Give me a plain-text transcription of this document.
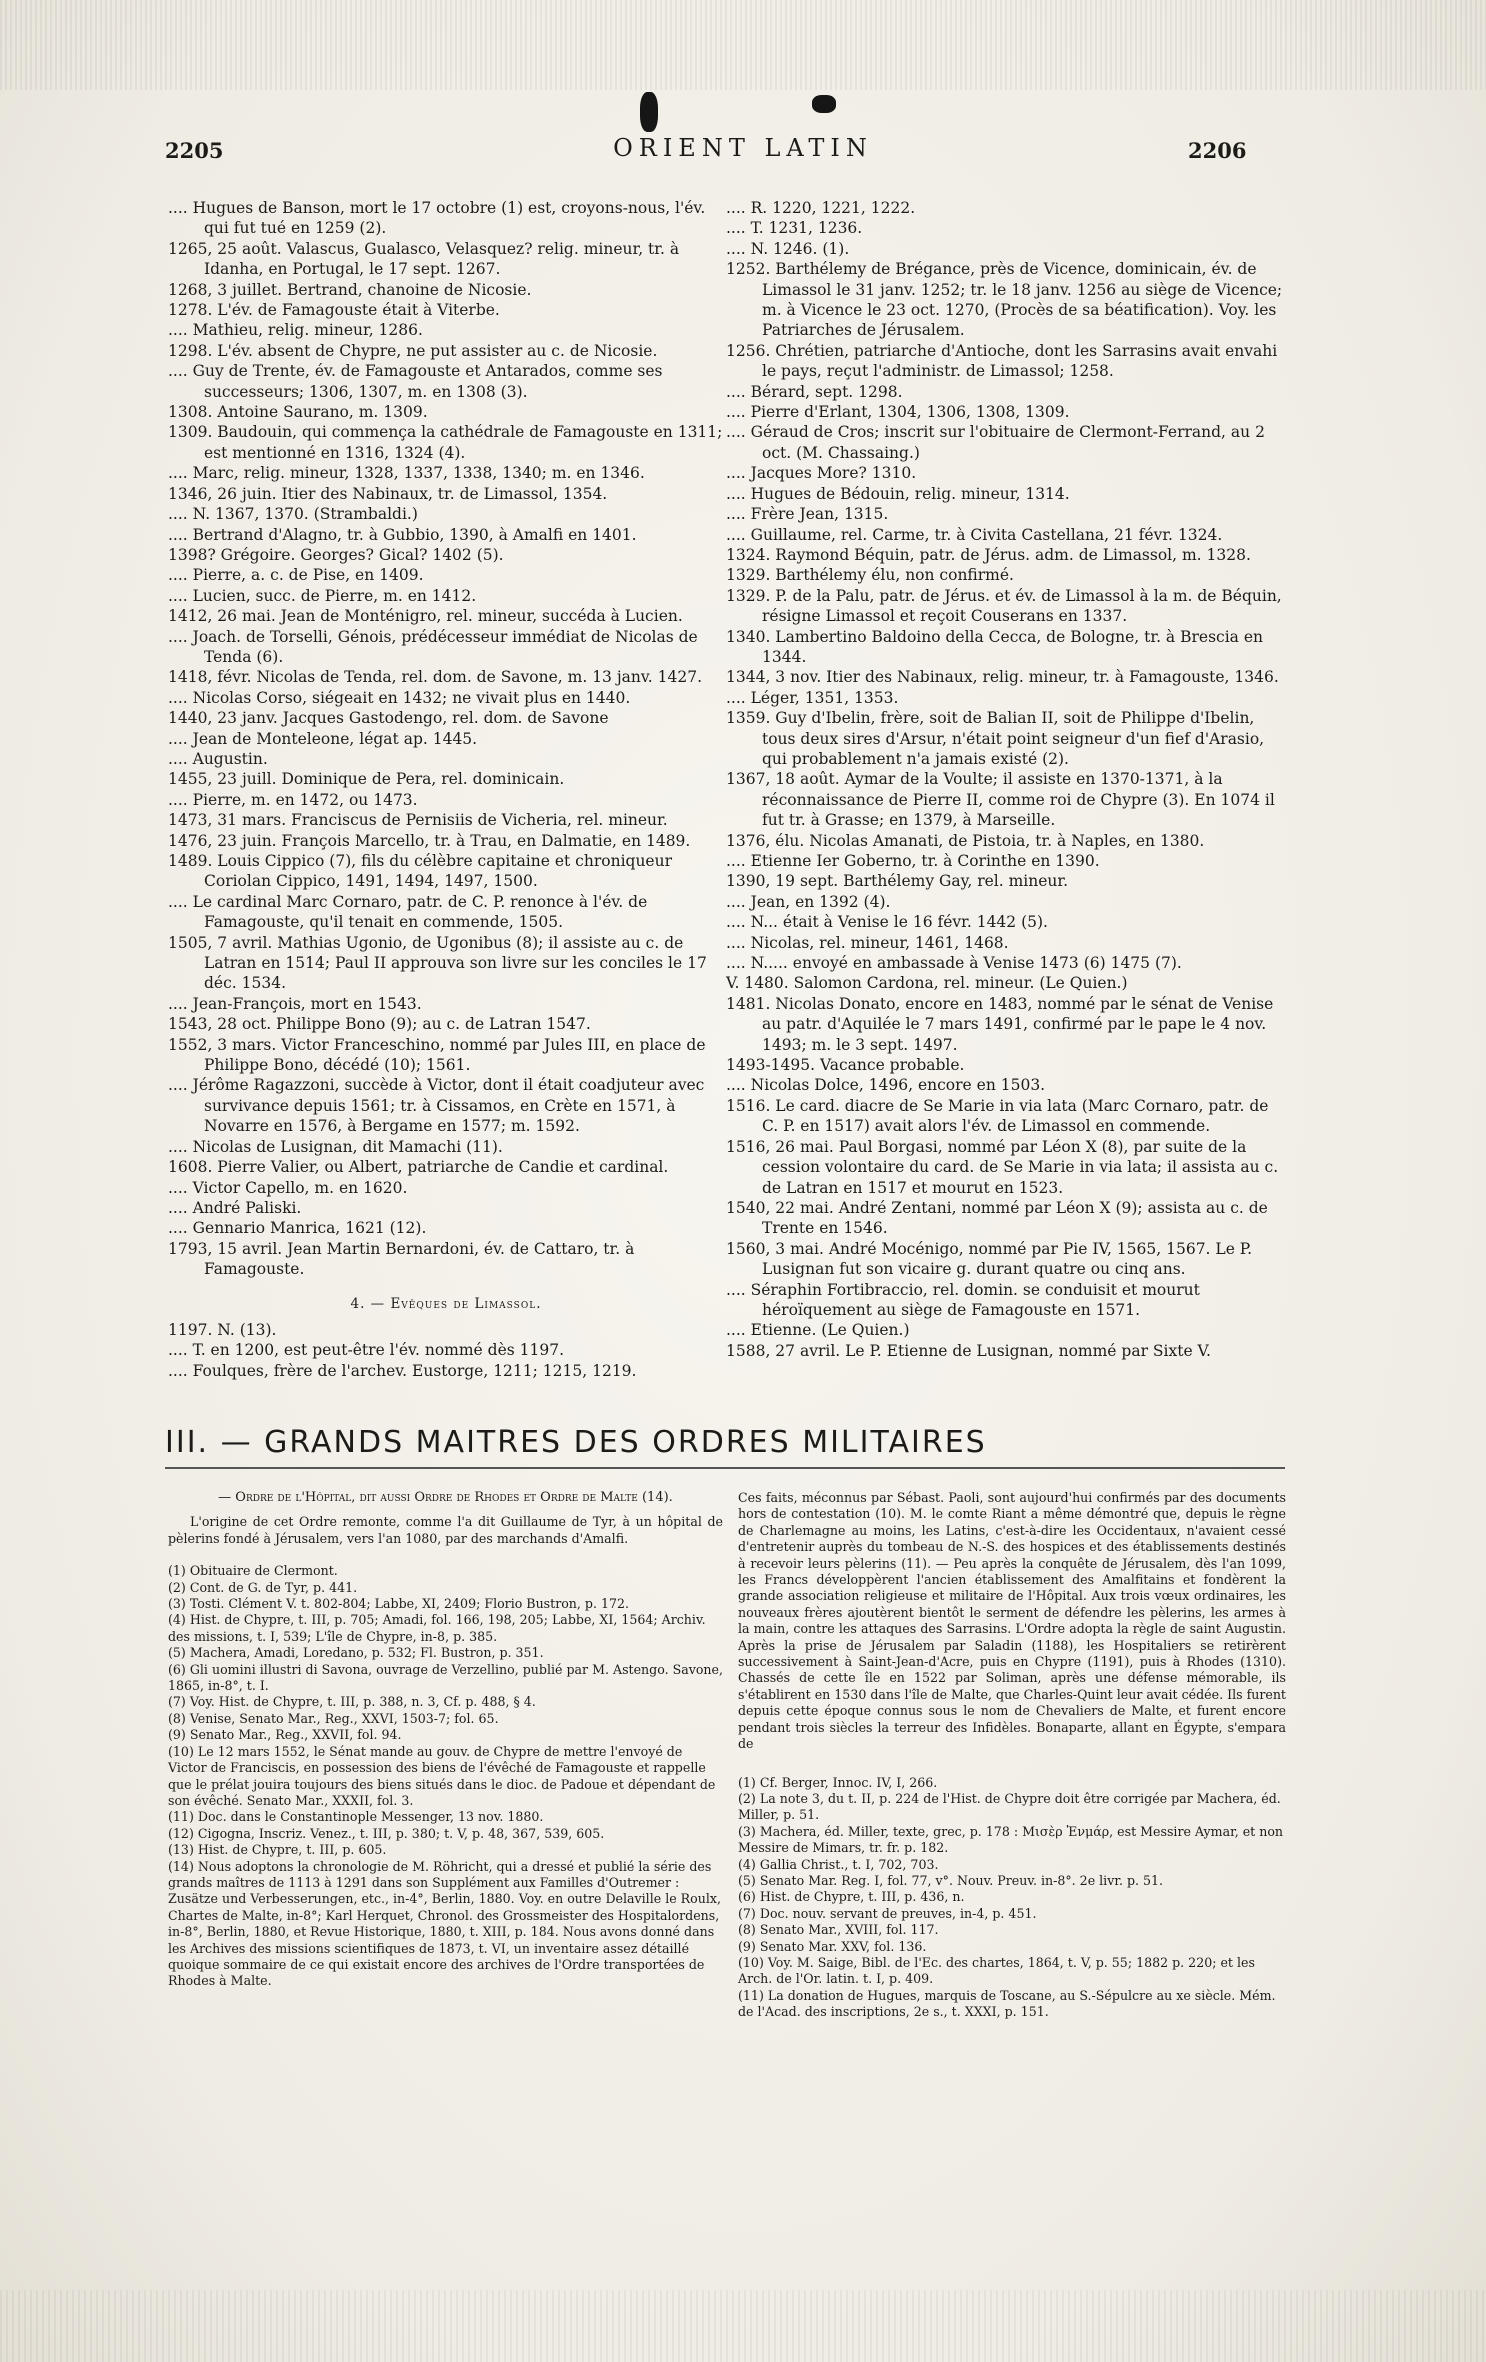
2205	ORIENT LATIN	2206
.... Hugues de Banson, mort le 17 octobre (1) est, croyons-nous, l'év. qui fut tué en 1259 (2).
1265, 25 août. Valascus, Gualasco, Velasquez? relig. mineur, tr. à Idanha, en Portugal, le 17 sept. 1267.
1268, 3 juillet. Bertrand, chanoine de Nicosie.
1278. L'év. de Famagouste était à Viterbe.
.... Mathieu, relig. mineur, 1286.
1298. L'év. absent de Chypre, ne put assister au c. de Nicosie.
.... Guy de Trente, év. de Famagouste et Antarados, comme ses successeurs; 1306, 1307, m. en 1308 (3).
1308. Antoine Saurano, m. 1309.
1309. Baudouin, qui commença la cathédrale de Famagouste en 1311; est mentionné en 1316, 1324 (4).
.... Marc, relig. mineur, 1328, 1337, 1338, 1340; m. en 1346.
1346, 26 juin. Itier des Nabinaux, tr. de Limassol, 1354.
.... N. 1367, 1370. (Strambaldi.)
.... Bertrand d'Alagno, tr. à Gubbio, 1390, à Amalfi en 1401.
1398? Grégoire. Georges? Gical? 1402 (5).
.... Pierre, a. c. de Pise, en 1409.
.... Lucien, succ. de Pierre, m. en 1412.
1412, 26 mai. Jean de Monténigro, rel. mineur, succéda à Lucien.
.... Joach. de Torselli, Génois, prédécesseur immédiat de Nicolas de Tenda (6).
1418, févr. Nicolas de Tenda, rel. dom. de Savone, m. 13 janv. 1427.
.... Nicolas Corso, siégeait en 1432; ne vivait plus en 1440.
1440, 23 janv. Jacques Gastodengo, rel. dom. de Savone
.... Jean de Monteleone, légat ap. 1445.
.... Augustin.
1455, 23 juill. Dominique de Pera, rel. dominicain.
.... Pierre, m. en 1472, ou 1473.
1473, 31 mars. Franciscus de Pernisiis de Vicheria, rel. mineur.
1476, 23 juin. François Marcello, tr. à Trau, en Dalmatie, en 1489.
1489. Louis Cippico (7), fils du célèbre capitaine et chroniqueur Coriolan Cippico, 1491, 1494, 1497, 1500.
.... Le cardinal Marc Cornaro, patr. de C. P. renonce à l'év. de Famagouste, qu'il tenait en commende, 1505.
1505, 7 avril. Mathias Ugonio, de Ugonibus (8); il assiste au c. de Latran en 1514; Paul II approuva son livre sur les conciles le 17 déc. 1534.
.... Jean-François, mort en 1543.
1543, 28 oct. Philippe Bono (9); au c. de Latran 1547.
1552, 3 mars. Victor Franceschino, nommé par Jules III, en place de Philippe Bono, décédé (10); 1561.
.... Jérôme Ragazzoni, succède à Victor, dont il était coadjuteur avec survivance depuis 1561; tr. à Cissamos, en Crète en 1571, à Novarre en 1576, à Bergame en 1577; m. 1592.
.... Nicolas de Lusignan, dit Mamachi (11).
1608. Pierre Valier, ou Albert, patriarche de Candie et cardinal.
.... Victor Capello, m. en 1620.
.... André Paliski.
.... Gennario Manrica, 1621 (12).
1793, 15 avril. Jean Martin Bernardoni, év. de Cattaro, tr. à Famagouste.
4. — Evêques de Limassol.
1197. N. (13).
.... T. en 1200, est peut-être l'év. nommé dès 1197.
.... Foulques, frère de l'archev. Eustorge, 1211; 1215, 1219.
.... R. 1220, 1221, 1222.
.... T. 1231, 1236.
.... N. 1246. (1).
1252. Barthélemy de Brégance, près de Vicence, dominicain, év. de Limassol le 31 janv. 1252; tr. le 18 janv. 1256 au siège de Vicence; m. à Vicence le 23 oct. 1270, (Procès de sa béatification). Voy. les Patriarches de Jérusalem.
1256. Chrétien, patriarche d'Antioche, dont les Sarrasins avait envahi le pays, reçut l'administr. de Limassol; 1258.
.... Bérard, sept. 1298.
.... Pierre d'Erlant, 1304, 1306, 1308, 1309.
.... Géraud de Cros; inscrit sur l'obituaire de Clermont-Ferrand, au 2 oct. (M. Chassaing.)
.... Jacques More? 1310.
.... Hugues de Bédouin, relig. mineur, 1314.
.... Frère Jean, 1315.
.... Guillaume, rel. Carme, tr. à Civita Castellana, 21 févr. 1324.
1324. Raymond Béquin, patr. de Jérus. adm. de Limassol, m. 1328.
1329. Barthélemy élu, non confirmé.
1329. P. de la Palu, patr. de Jérus. et év. de Limassol à la m. de Béquin, résigne Limassol et reçoit Couserans en 1337.
1340. Lambertino Baldoino della Cecca, de Bologne, tr. à Brescia en 1344.
1344, 3 nov. Itier des Nabinaux, relig. mineur, tr. à Famagouste, 1346.
.... Léger, 1351, 1353.
1359. Guy d'Ibelin, frère, soit de Balian II, soit de Philippe d'Ibelin, tous deux sires d'Arsur, n'était point seigneur d'un fief d'Arasio, qui probablement n'a jamais existé (2).
1367, 18 août. Aymar de la Voulte; il assiste en 1370-1371, à la réconnaissance de Pierre II, comme roi de Chypre (3). En 1074 il fut tr. à Grasse; en 1379, à Marseille.
1376, élu. Nicolas Amanati, de Pistoia, tr. à Naples, en 1380.
.... Etienne Ier Goberno, tr. à Corinthe en 1390.
1390, 19 sept. Barthélemy Gay, rel. mineur.
.... Jean, en 1392 (4).
.... N... était à Venise le 16 févr. 1442 (5).
.... Nicolas, rel. mineur, 1461, 1468.
.... N..... envoyé en ambassade à Venise 1473 (6) 1475 (7).
V. 1480. Salomon Cardona, rel. mineur. (Le Quien.)
1481. Nicolas Donato, encore en 1483, nommé par le sénat de Venise au patr. d'Aquilée le 7 mars 1491, confirmé par le pape le 4 nov. 1493; m. le 3 sept. 1497.
1493-1495. Vacance probable.
.... Nicolas Dolce, 1496, encore en 1503.
1516. Le card. diacre de Se Marie in via lata (Marc Cornaro, patr. de C. P. en 1517) avait alors l'év. de Limassol en commende.
1516, 26 mai. Paul Borgasi, nommé par Léon X (8), par suite de la cession volontaire du card. de Se Marie in via lata; il assista au c. de Latran en 1517 et mourut en 1523.
1540, 22 mai. André Zentani, nommé par Léon X (9); assista au c. de Trente en 1546.
1560, 3 mai. André Mocénigo, nommé par Pie IV, 1565, 1567. Le P. Lusignan fut son vicaire g. durant quatre ou cinq ans.
.... Séraphin Fortibraccio, rel. domin. se conduisit et mourut héroïquement au siège de Famagouste en 1571.
.... Etienne. (Le Quien.)
1588, 27 avril. Le P. Etienne de Lusignan, nommé par Sixte V.
III. — GRANDS MAITRES DES ORDRES MILITAIRES
— Ordre de l'Hôpital, dit aussi Ordre de Rhodes et Ordre de Malte (14).

L'origine de cet Ordre remonte, comme l'a dit Guillaume de Tyr, à un hôpital de pèlerins fondé à Jérusalem, vers l'an 1080, par des marchands d'Amalfi.

(1) Obituaire de Clermont.
(2) Cont. de G. de Tyr, p. 441.
(3) Tosti. Clément V. t. 802-804; Labbe, XI, 2409; Florio Bustron, p. 172.
(4) Hist. de Chypre, t. III, p. 705; Amadi, fol. 166, 198, 205; Labbe, XI, 1564; Archiv. des missions, t. I, 539; L'île de Chypre, in-8, p. 385.
(5) Machera, Amadi, Loredano, p. 532; Fl. Bustron, p. 351.
(6) Gli uomini illustri di Savona, ouvrage de Verzellino, publié par M. Astengo. Savone, 1865, in-8°, t. I.
(7) Voy. Hist. de Chypre, t. III, p. 388, n. 3, Cf. p. 488, § 4.
(8) Venise, Senato Mar., Reg., XXVI, 1503-7; fol. 65.
(9) Senato Mar., Reg., XXVII, fol. 94.
(10) Le 12 mars 1552, le Sénat mande au gouv. de Chypre de mettre l'envoyé de Victor de Franciscis, en possession des biens de l'évêché de Famagouste et rappelle que le prélat jouira toujours des biens situés dans le dioc. de Padoue et dépendant de son évêché. Senato Mar., XXXII, fol. 3.
(11) Doc. dans le Constantinople Messenger, 13 nov. 1880.
(12) Cigogna, Inscriz. Venez., t. III, p. 380; t. V, p. 48, 367, 539, 605.
(13) Hist. de Chypre, t. III, p. 605.
(14) Nous adoptons la chronologie de M. Röhricht, qui a dressé et publié la série des grands maîtres de 1113 à 1291 dans son Supplément aux Familles d'Outremer : Zusätze und Verbesserungen, etc., in-4°, Berlin, 1880. Voy. en outre Delaville le Roulx, Chartes de Malte, in-8°; Karl Herquet, Chronol. des Grossmeister des Hospitalordens, in-8°, Berlin, 1880, et Revue Historique, 1880, t. XIII, p. 184. Nous avons donné dans les Archives des missions scientifiques de 1873, t. VI, un inventaire assez détaillé quoique sommaire de ce qui existait encore des archives de l'Ordre transportées de Rhodes à Malte.

Ces faits, méconnus par Sébast. Paoli, sont aujourd'hui confirmés par des documents hors de contestation (10). M. le comte Riant a même démontré que, depuis le règne de Charlemagne au moins, les Latins, c'est-à-dire les Occidentaux, n'avaient cessé d'entretenir auprès du tombeau de N.-S. des hospices et des établissements destinés à recevoir leurs pèlerins (11). — Peu après la conquête de Jérusalem, dès l'an 1099, les Francs développèrent l'ancien établissement des Amalfitains et fondèrent la grande association religieuse et militaire de l'Hôpital. Aux trois vœux ordinaires, les nouveaux frères ajoutèrent bientôt le serment de défendre les pèlerins, les armes à la main, contre les attaques des Sarrasins. L'Ordre adopta la règle de saint Augustin. Après la prise de Jérusalem par Saladin (1188), les Hospitaliers se retirèrent successivement à Saint-Jean-d'Acre, puis en Chypre (1191), puis à Rhodes (1310). Chassés de cette île en 1522 par Soliman, après une défense mémorable, ils s'établirent en 1530 dans l'île de Malte, que Charles-Quint leur avait cédée. Ils furent depuis cette époque connus sous le nom de Chevaliers de Malte, et furent encore pendant trois siècles la terreur des Infidèles. Bonaparte, allant en Égypte, s'empara de

(1) Cf. Berger, Innoc. IV, I, 266.
(2) La note 3, du t. II, p. 224 de l'Hist. de Chypre doit être corrigée par Machera, éd. Miller, p. 51.
(3) Machera, éd. Miller, texte, grec, p. 178 : Μισὲρ Ἐνμάρ, est Messire Aymar, et non Messire de Mimars, tr. fr. p. 182.
(4) Gallia Christ., t. I, 702, 703.
(5) Senato Mar. Reg. I, fol. 77, v°. Nouv. Preuv. in-8°. 2e livr. p. 51.
(6) Hist. de Chypre, t. III, p. 436, n.
(7) Doc. nouv. servant de preuves, in-4, p. 451.
(8) Senato Mar., XVIII, fol. 117.
(9) Senato Mar. XXV, fol. 136.
(10) Voy. M. Saige, Bibl. de l'Ec. des chartes, 1864, t. V, p. 55; 1882 p. 220; et les Arch. de l'Or. latin. t. I, p. 409.
(11) La donation de Hugues, marquis de Toscane, au S.-Sépulcre au xe siècle. Mém. de l'Acad. des inscriptions, 2e s., t. XXXI, p. 151.
